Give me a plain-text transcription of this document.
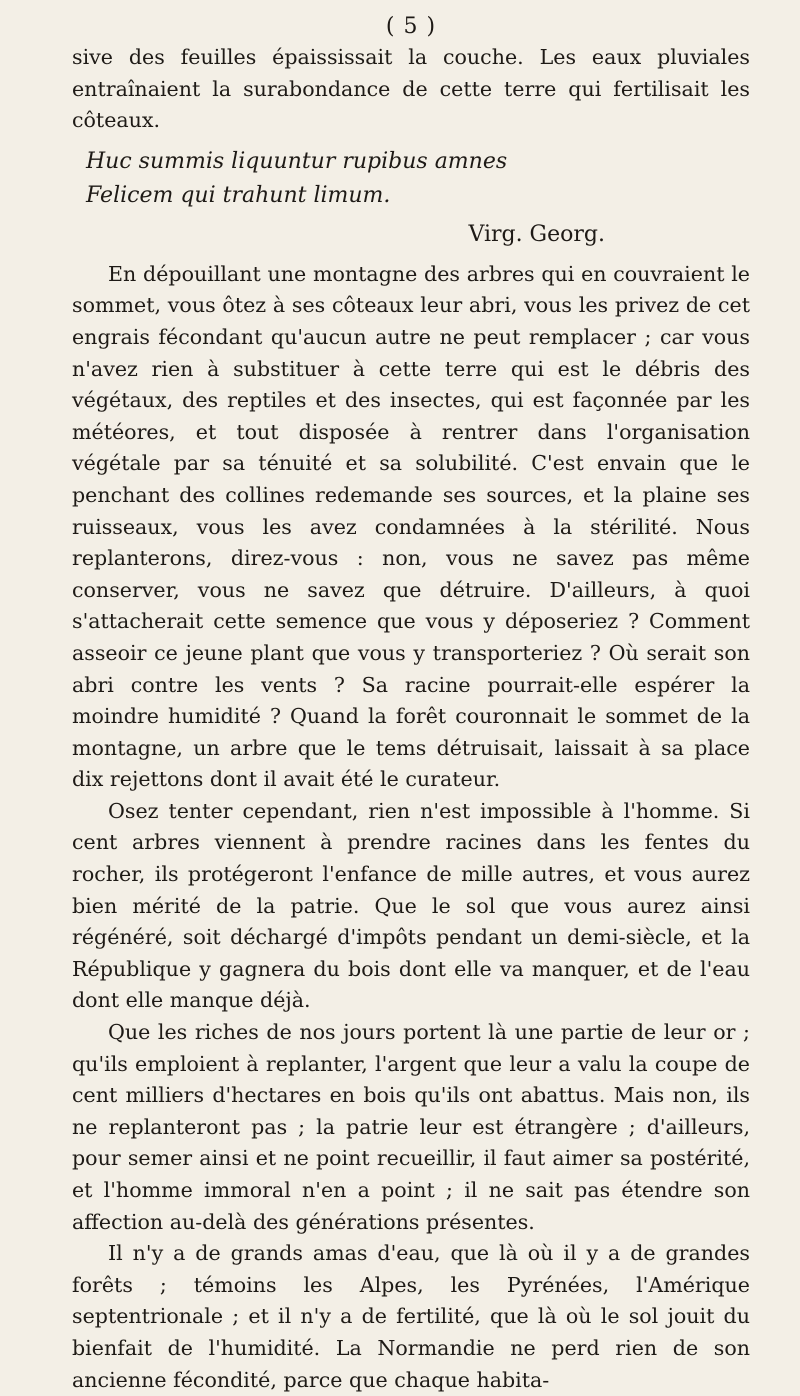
( 5 )

sive des feuilles épaississait la couche. Les eaux pluviales entraînaient la surabondance de cette terre qui fertilisait les côteaux.

Huc summis liquuntur rupibus amnes

Felicem qui trahunt limum.

Virg. Georg.

En dépouillant une montagne des arbres qui en couvraient le sommet, vous ôtez à ses côteaux leur abri, vous les privez de cet engrais fécondant qu'aucun autre ne peut remplacer ; car vous n'avez rien à substituer à cette terre qui est le débris des végétaux, des reptiles et des insectes, qui est façonnée par les météores, et tout disposée à rentrer dans l'organisation végétale par sa ténuité et sa solubilité. C'est envain que le penchant des collines redemande ses sources, et la plaine ses ruisseaux, vous les avez condamnées à la stérilité. Nous replanterons, direz-vous : non, vous ne savez pas même conserver, vous ne savez que détruire. D'ailleurs, à quoi s'attacherait cette semence que vous y déposeriez ? Comment asseoir ce jeune plant que vous y transporteriez ? Où serait son abri contre les vents ? Sa racine pourrait-elle espérer la moindre humidité ? Quand la forêt couronnait le sommet de la montagne, un arbre que le tems détruisait, laissait à sa place dix rejettons dont il avait été le curateur.

Osez tenter cependant, rien n'est impossible à l'homme. Si cent arbres viennent à prendre racines dans les fentes du rocher, ils protégeront l'enfance de mille autres, et vous aurez bien mérité de la patrie. Que le sol que vous aurez ainsi régénéré, soit déchargé d'impôts pendant un demi-siècle, et la République y gagnera du bois dont elle va manquer, et de l'eau dont elle manque déjà.

Que les riches de nos jours portent là une partie de leur or ; qu'ils emploient à replanter, l'argent que leur a valu la coupe de cent milliers d'hectares en bois qu'ils ont abattus. Mais non, ils ne replanteront pas ; la patrie leur est étrangère ; d'ailleurs, pour semer ainsi et ne point recueillir, il faut aimer sa postérité, et l'homme immoral n'en a point ; il ne sait pas étendre son affection au-delà des générations présentes.

Il n'y a de grands amas d'eau, que là où il y a de grandes forêts ; témoins les Alpes, les Pyrénées, l'Amérique septentrionale ; et il n'y a de fertilité, que là où le sol jouit du bienfait de l'humidité. La Normandie ne perd rien de son ancienne fécondité, parce que chaque habita-
